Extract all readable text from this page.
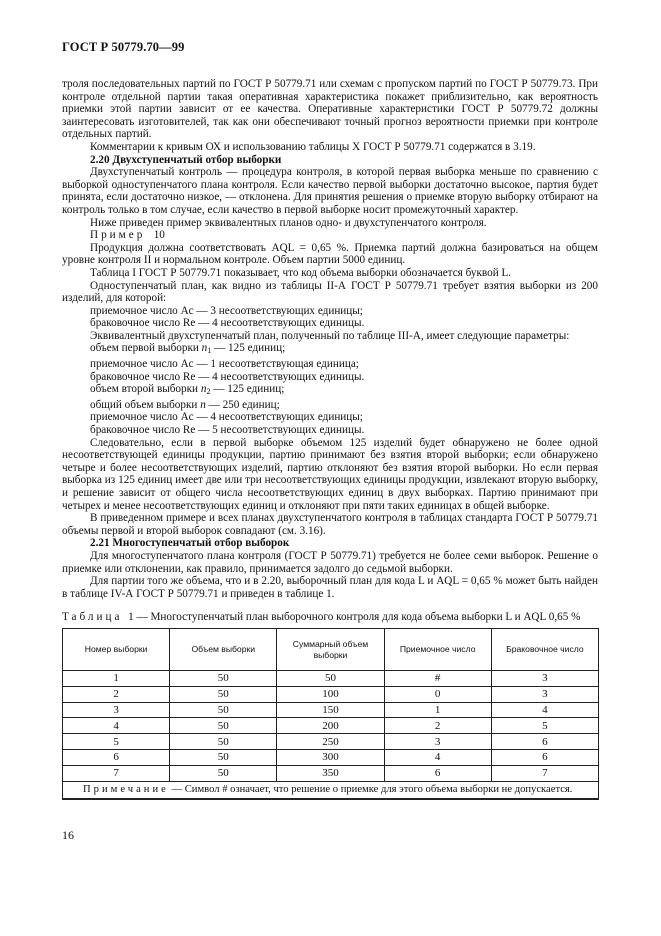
ГОСТ Р 50779.70—99

троля последовательных партий по ГОСТ Р 50779.71 или схемам с пропуском партий по ГОСТ Р 50779.73. При контроле отдельной партии такая оперативная характеристика покажет приблизительно, как вероятность приемки этой партии зависит от ее качества. Оперативные характеристики ГОСТ Р 50779.72 должны заинтересовать изготовителей, так как они обеспечивают точный прогноз вероятности приемки при контроле отдельных партий.

Комментарии к кривым ОХ и использованию таблицы X ГОСТ Р 50779.71 содержатся в 3.19.

2.20 Двухступенчатый отбор выборки

Двухступенчатый контроль — процедура контроля, в которой первая выборка меньше по сравнению с выборкой одноступенчатого плана контроля. Если качество первой выборки достаточно высокое, партия будет принята, если достаточно низкое, — отклонена. Для принятия решения о приемке вторую выборку отбирают на контроль только в том случае, если качество в первой выборке носит промежуточный характер.

Ниже приведен пример эквивалентных планов одно- и двухступенчатого контроля.

Пример 10

Продукция должна соответствовать AQL = 0,65 %. Приемка партий должна базироваться на общем уровне контроля II и нормальном контроле. Объем партии 5000 единиц.

Таблица I ГОСТ Р 50779.71 показывает, что код объема выборки обозначается буквой L.

Одноступенчатый план, как видно из таблицы II-А ГОСТ Р 50779.71 требует взятия выборки из 200 изделий, для которой:

приемочное число Ac — 3 несоответствующих единицы;

браковочное число Re — 4 несоответствующих единицы.

Эквивалентный двухступенчатый план, полученный по таблице III-А, имеет следующие параметры:

объем первой выборки $n_1$ — 125 единиц;

приемочное число Ac — 1 несоответствующая единица;

браковочное число Re — 4 несоответствующих единицы.

объем второй выборки $n_2$ — 125 единиц;

общий объем выборки n — 250 единиц;

приемочное число Ac — 4 несоответствующих единицы;

браковочное число Re — 5 несоответствующих единицы.

Следовательно, если в первой выборке объемом 125 изделий будет обнаружено не более одной несоответствующей единицы продукции, партию принимают без взятия второй выборки; если обнаружено четыре и более несоответствующих изделий, партию отклоняют без взятия второй выборки. Но если первая выборка из 125 единиц имеет две или три несоответствующих единицы продукции, извлекают вторую выборку, и решение зависит от общего числа несоответствующих единиц в двух выборках. Партию принимают при четырех и менее несоответствующих единиц и отклоняют при пяти таких единицах в общей выборке.

В приведенном примере и всех планах двухступенчатого контроля в таблицах стандарта ГОСТ Р 50779.71 объемы первой и второй выборок совпадают (см. 3.16).

2.21 Многоступенчатый отбор выборок

Для многоступенчатого плана контроля (ГОСТ Р 50779.71) требуется не более семи выборок. Решение о приемке или отклонении, как правило, принимается задолго до седьмой выборки.

Для партии того же объема, что и в 2.20, выборочный план для кода L и AQL = 0,65 % может быть найден в таблице IV-А ГОСТ Р 50779.71 и приведен в таблице 1.

Таблица 1 — Многоступенчатый план выборочного контроля для кода объема выборки L и AQL 0,65 %
Номер выборки	Объем выборки	Суммарный объем выборки	Приемочное число	Браковочное число
1	50	50	#	3
2	50	100	0	3
3	50	150	1	4
4	50	200	2	5
5	50	250	3	6
6	50	300	4	6
7	50	350	6	7
Примечание — Символ # означает, что решение о приемке для этого объема выборки не допускается.				
16
